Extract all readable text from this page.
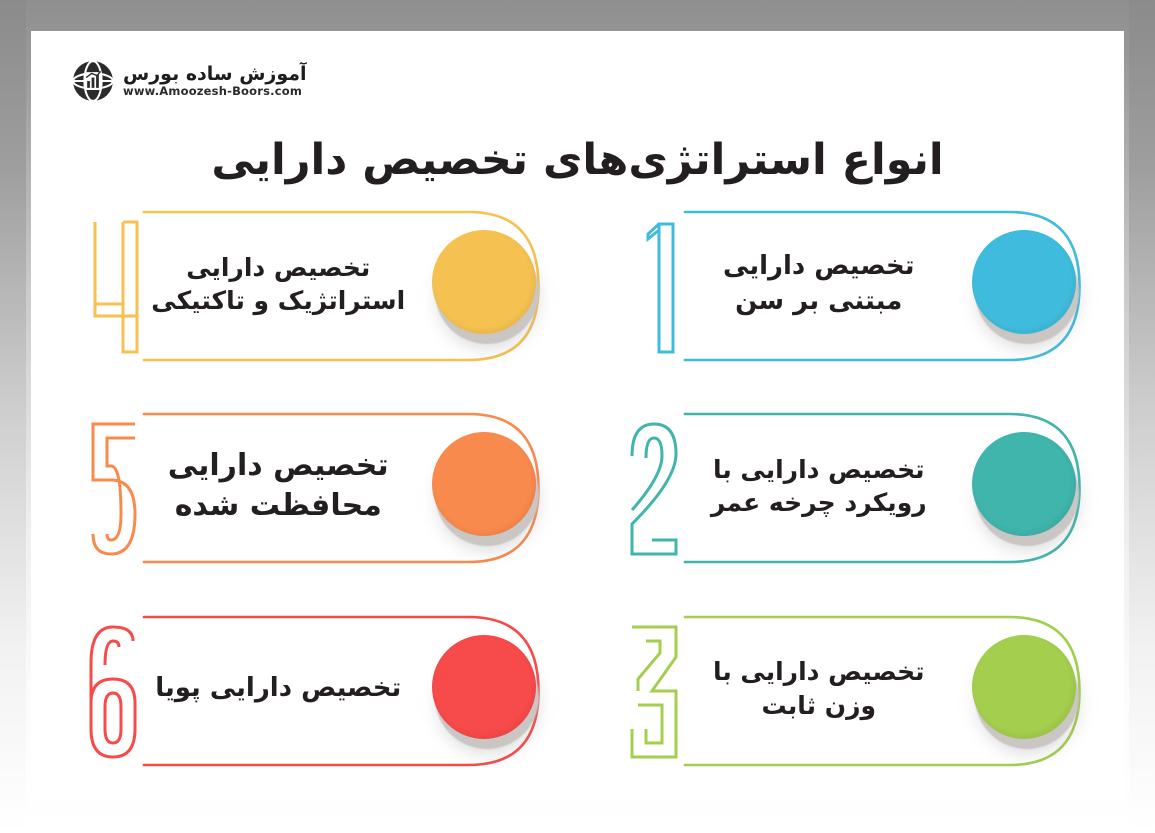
آموزش ساده بورس
www.Amoozesh-Boors.com
انواع استراتژی‌های تخصیص دارایی
تخصیص دارایی مبتنی بر سن
تخصیص دارایی استراتژیک و تاکتیکی
تخصیص دارایی با رویکرد چرخه عمر
تخصیص دارایی محافظت شده
تخصیص دارایی با وزن ثابت
تخصیص دارایی پویا
